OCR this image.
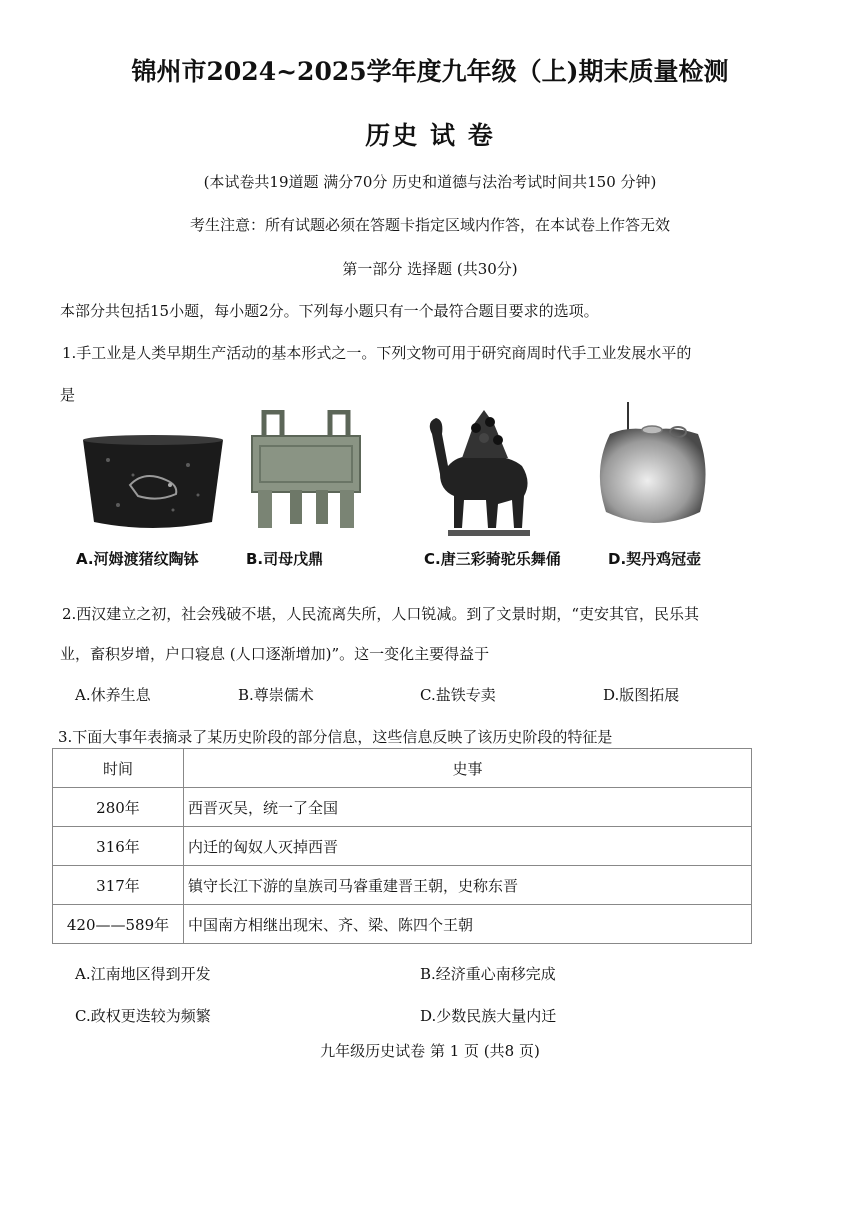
锦州市2024~2025学年度九年级（上)期末质量检测
历史 试 卷
(本试卷共19道题 满分70分 历史和道德与法治考试时间共150 分钟)
考生注意：所有试题必须在答题卡指定区域内作答，在本试卷上作答无效
第一部分 选择题 (共30分)
本部分共包括15小题，每小题2分。下列每小题只有一个最符合题目要求的选项。
1.手工业是人类早期生产活动的基本形式之一。下列文物可用于研究商周时代手工业发展水平的
是
A.河姆渡猪纹陶钵	B.司母戊鼎	C.唐三彩骑驼乐舞俑	D.契丹鸡冠壶
2.西汉建立之初，社会残破不堪，人民流离失所，人口锐减。到了文景时期，“吏安其官，民乐其
业，畜积岁增，户口寝息 (人口逐渐增加)”。这一变化主要得益于
A.休养生息	B.尊崇儒术	C.盐铁专卖	D.版图拓展
3.下面大事年表摘录了某历史阶段的部分信息，这些信息反映了该历史阶段的特征是
时间	史事
280年	西晋灭吴，统一了全国
316年	内迁的匈奴人灭掉西晋
317年	镇守长江下游的皇族司马睿重建晋王朝，史称东晋
420——589年	中国南方相继出现宋、齐、梁、陈四个王朝
A.江南地区得到开发	B.经济重心南移完成
C.政权更迭较为频繁	D.少数民族大量内迁
九年级历史试卷 第 1 页 (共8 页)
